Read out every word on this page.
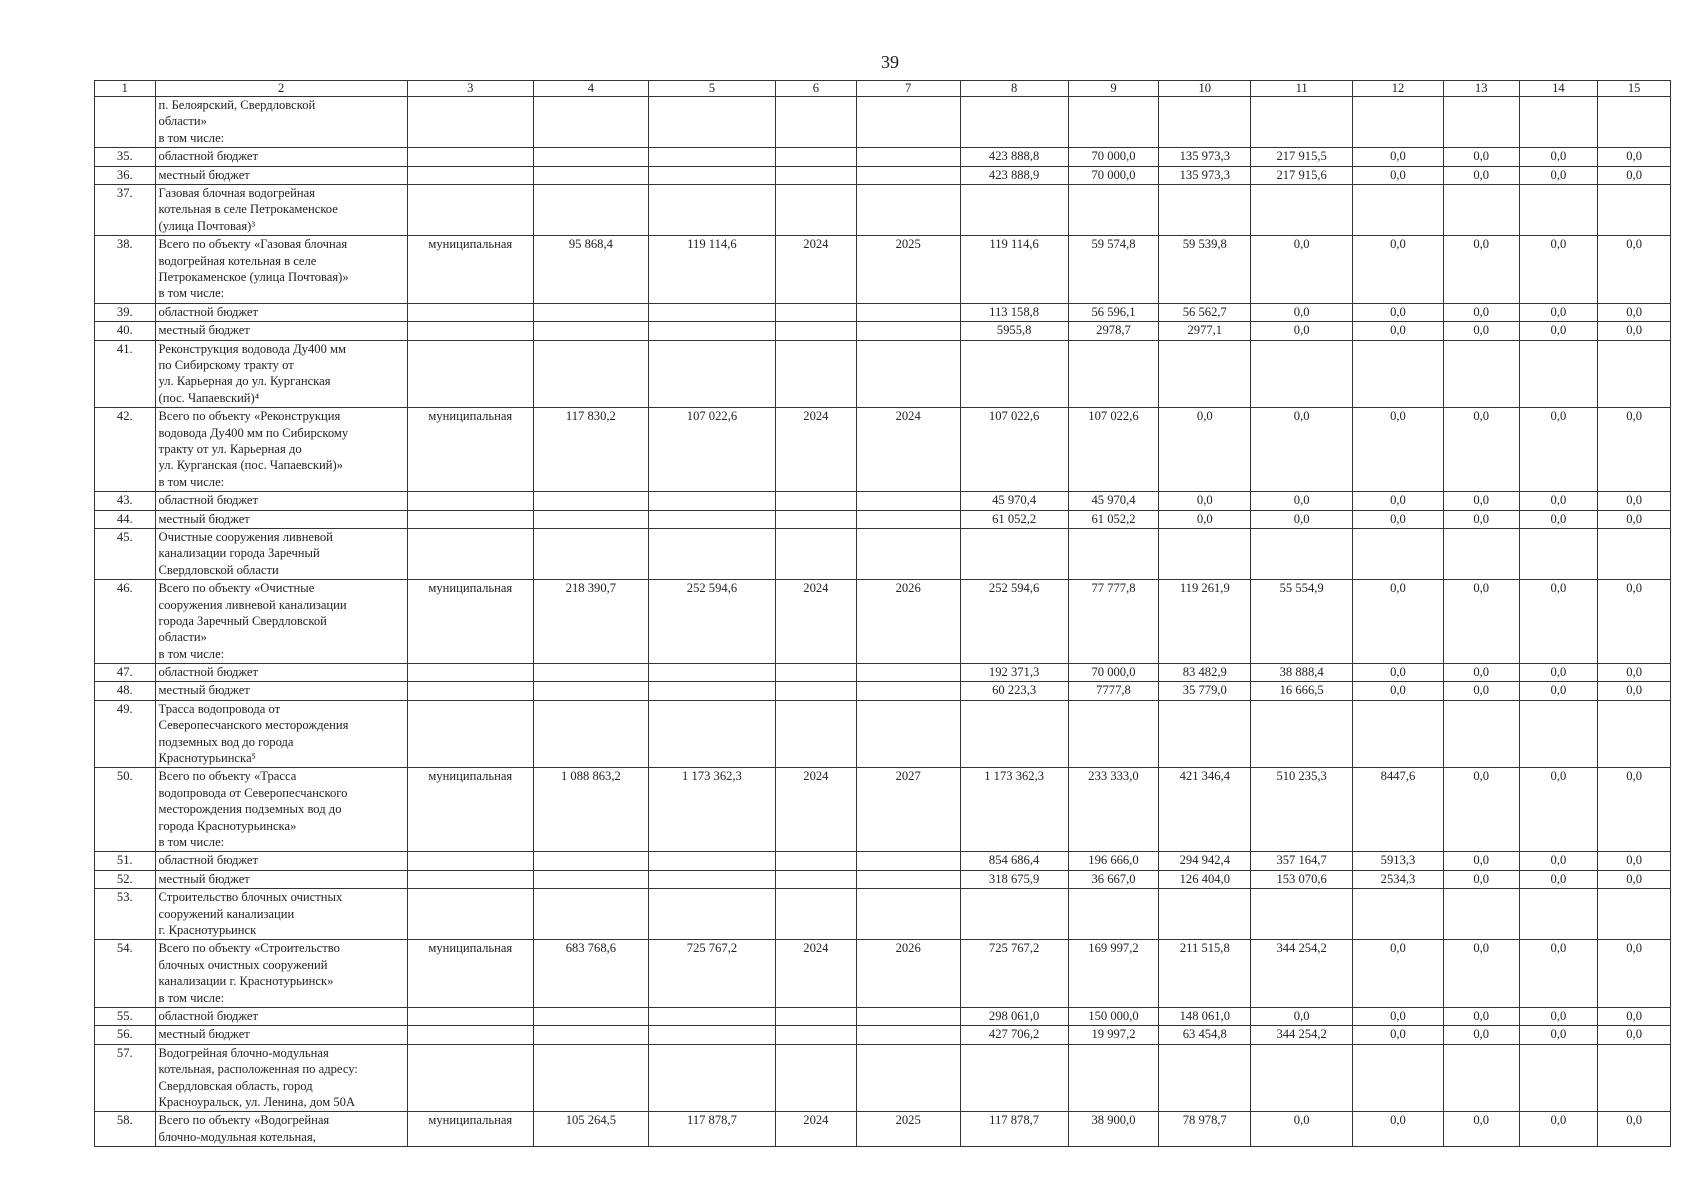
39
1	2	3	4	5	6	7	8	9	10	11	12	13	14	15
	п. Белоярский, Свердловской
области»
в том числе:													
35.	областной бюджет						423 888,8	70 000,0	135 973,3	217 915,5	0,0	0,0	0,0	0,0
36.	местный бюджет						423 888,9	70 000,0	135 973,3	217 915,6	0,0	0,0	0,0	0,0
37.	Газовая блочная водогрейная
котельная в селе Петрокаменское
(улица Почтовая)³													
38.	Всего по объекту «Газовая блочная
водогрейная котельная в селе
Петрокаменское (улица Почтовая)»
в том числе:	муниципальная	95 868,4	119 114,6	2024	2025	119 114,6	59 574,8	59 539,8	0,0	0,0	0,0	0,0	0,0
39.	областной бюджет						113 158,8	56 596,1	56 562,7	0,0	0,0	0,0	0,0	0,0
40.	местный бюджет						5955,8	2978,7	2977,1	0,0	0,0	0,0	0,0	0,0
41.	Реконструкция водовода Ду400 мм
по Сибирскому тракту от
ул. Карьерная до ул. Курганская
(пос. Чапаевский)⁴													
42.	Всего по объекту «Реконструкция
водовода Ду400 мм по Сибирскому
тракту от ул. Карьерная до
ул. Курганская (пос. Чапаевский)»
в том числе:	муниципальная	117 830,2	107 022,6	2024	2024	107 022,6	107 022,6	0,0	0,0	0,0	0,0	0,0	0,0
43.	областной бюджет						45 970,4	45 970,4	0,0	0,0	0,0	0,0	0,0	0,0
44.	местный бюджет						61 052,2	61 052,2	0,0	0,0	0,0	0,0	0,0	0,0
45.	Очистные сооружения ливневой
канализации города Заречный
Свердловской области													
46.	Всего по объекту «Очистные
сооружения ливневой канализации
города Заречный Свердловской
области»
в том числе:	муниципальная	218 390,7	252 594,6	2024	2026	252 594,6	77 777,8	119 261,9	55 554,9	0,0	0,0	0,0	0,0
47.	областной бюджет						192 371,3	70 000,0	83 482,9	38 888,4	0,0	0,0	0,0	0,0
48.	местный бюджет						60 223,3	7777,8	35 779,0	16 666,5	0,0	0,0	0,0	0,0
49.	Трасса водопровода от
Северопесчанского месторождения
подземных вод до города
Краснотурьинска⁵													
50.	Всего по объекту «Трасса
водопровода от Северопесчанского
месторождения подземных вод до
города Краснотурьинска»
в том числе:	муниципальная	1 088 863,2	1 173 362,3	2024	2027	1 173 362,3	233 333,0	421 346,4	510 235,3	8447,6	0,0	0,0	0,0
51.	областной бюджет						854 686,4	196 666,0	294 942,4	357 164,7	5913,3	0,0	0,0	0,0
52.	местный бюджет						318 675,9	36 667,0	126 404,0	153 070,6	2534,3	0,0	0,0	0,0
53.	Строительство блочных очистных
сооружений канализации
г. Краснотурьинск													
54.	Всего по объекту «Строительство
блочных очистных сооружений
канализации г. Краснотурьинск»
в том числе:	муниципальная	683 768,6	725 767,2	2024	2026	725 767,2	169 997,2	211 515,8	344 254,2	0,0	0,0	0,0	0,0
55.	областной бюджет						298 061,0	150 000,0	148 061,0	0,0	0,0	0,0	0,0	0,0
56.	местный бюджет						427 706,2	19 997,2	63 454,8	344 254,2	0,0	0,0	0,0	0,0
57.	Водогрейная блочно-модульная
котельная, расположенная по адресу:
Свердловская область, город
Красноуральск, ул. Ленина, дом 50А													
58.	Всего по объекту «Водогрейная
блочно-модульная котельная,	муниципальная	105 264,5	117 878,7	2024	2025	117 878,7	38 900,0	78 978,7	0,0	0,0	0,0	0,0	0,0
